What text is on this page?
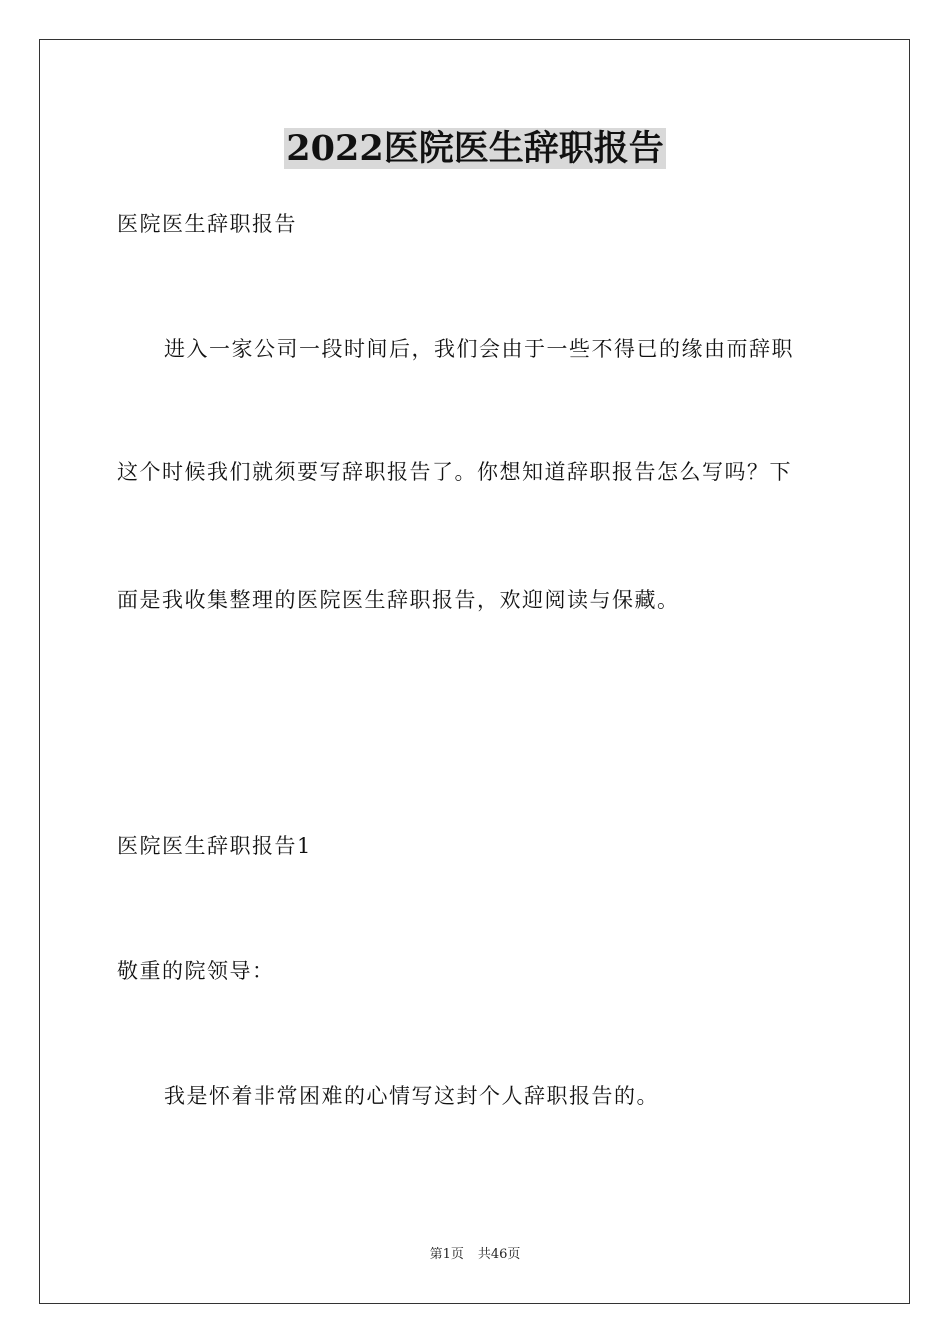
2022医院医生辞职报告
医院医生辞职报告
进入一家公司一段时间后，我们会由于一些不得已的缘由而辞职
这个时候我们就须要写辞职报告了。你想知道辞职报告怎么写吗？下
面是我收集整理的医院医生辞职报告，欢迎阅读与保藏。
医院医生辞职报告1
敬重的院领导：
我是怀着非常困难的心情写这封个人辞职报告的。
第1页 共46页
